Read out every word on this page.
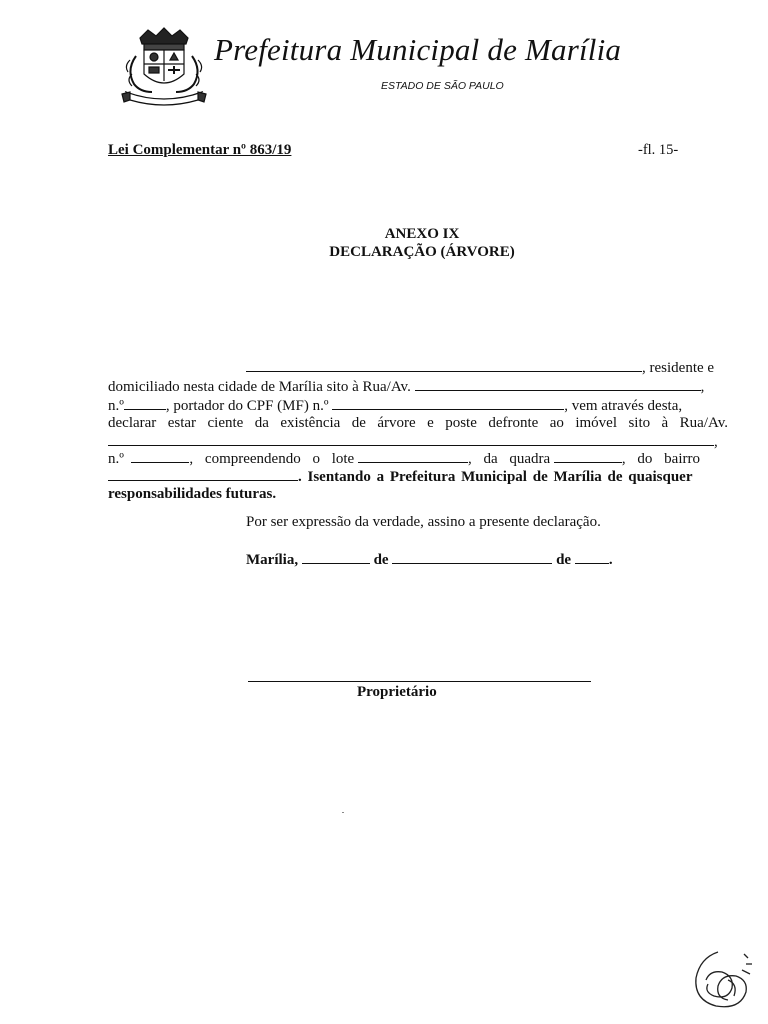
Prefeitura Municipal de Marília
ESTADO DE SÃO PAULO
Lei Complementar nº 863/19	-fl. 15-
ANEXO IX
DECLARAÇÃO (ÁRVORE)
, residente e
domiciliado nesta cidade de Marília sito à Rua/Av.	,
n.º	, portador do CPF (MF) n.º	, vem através desta,
declarar estar ciente da existência de árvore e poste defronte ao imóvel sito à Rua/Av.
,
n.º	, compreendendo o lote	, da quadra	, do bairro
. Isentando a Prefeitura Municipal de Marília de quaisquer
responsabilidades futuras.
Por ser expressão da verdade, assino a presente declaração.
Marília,	de	de	.
Proprietário
